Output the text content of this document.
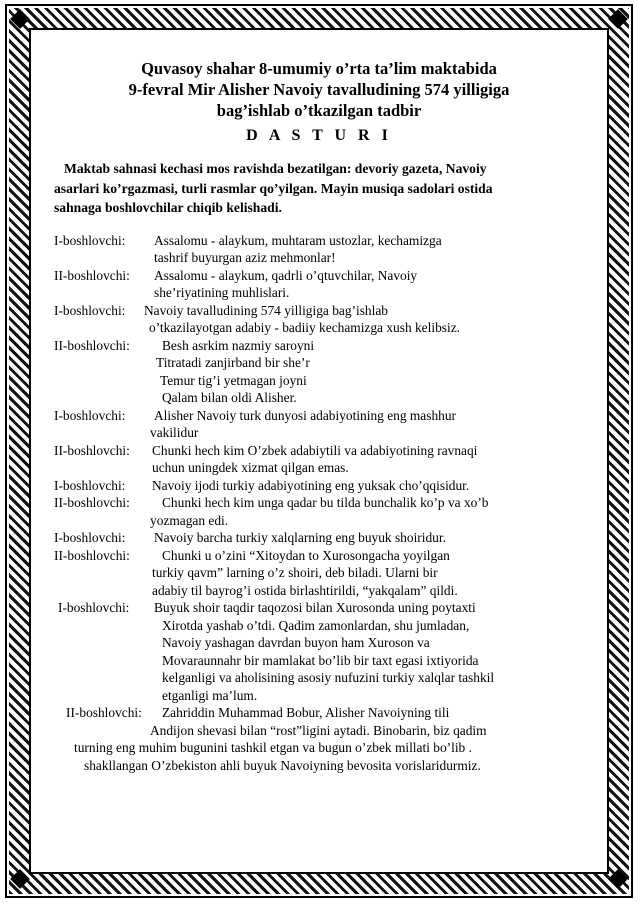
Quvasoy shahar 8-umumiy o’rta ta’lim maktabida
9-fevral Mir Alisher Navoiy tavalludining 574 yilligiga
bag’ishlab o’tkazilgan tadbir
D A S T U R I
Maktab sahnasi kechasi mos ravishda bezatilgan: devoriy gazeta, Navoiy
asarlari ko’rgazmasi, turli rasmlar qo’yilgan. Mayin musiqa sadolari ostida
sahnaga boshlovchilar chiqib kelishadi.
I-boshlovchi: Assalomu - alaykum, muhtaram ustozlar, kechamizga
tashrif buyurgan aziz mehmonlar!
II-boshlovchi: Assalomu - alaykum, qadrli o’qtuvchilar, Navoiy
she’riyatining muhlislari.
I-boshlovchi: Navoiy tavalludining 574 yilligiga bag’ishlab
o’tkazilayotgan adabiy - badiiy kechamizga xush kelibsiz.
II-boshlovchi: Besh asrkim nazmiy saroyni
Titratadi zanjirband bir she’r
Temur tig’i yetmagan joyni
Qalam bilan oldi Alisher.
I-boshlovchi: Alisher Navoiy turk dunyosi adabiyotining eng mashhur
vakilidur
II-boshlovchi: Chunki hech kim O’zbek adabiytili va adabiyotining ravnaqi
uchun uningdek xizmat qilgan emas.
I-boshlovchi: Navoiy ijodi turkiy adabiyotining eng yuksak cho’qqisidur.
II-boshlovchi: Chunki hech kim unga qadar bu tilda bunchalik ko’p va xo’b
yozmagan edi.
I-boshlovchi: Navoiy barcha turkiy xalqlarning eng buyuk shoiridur.
II-boshlovchi: Chunki u o’zini “Xitoydan to Xurosongacha yoyilgan
turkiy qavm” larning o’z shoiri, deb biladi. Ularni bir
adabiy til bayrog’i ostida birlashtirildi, “yakqalam” qildi.
I-boshlovchi: Buyuk shoir taqdir taqozosi bilan Xurosonda uning poytaxti
Xirotda yashab o’tdi. Qadim zamonlardan, shu jumladan,
Navoiy yashagan davrdan buyon ham Xuroson va
Movaraunnahr bir mamlakat bo’lib bir taxt egasi ixtiyorida
kelganligi va aholisining asosiy nufuzini turkiy xalqlar tashkil
etganligi ma’lum.
II-boshlovchi: Zahriddin Muhammad Bobur, Alisher Navoiyning tili
Andijon shevasi bilan “rost”ligini aytadi. Binobarin, biz qadim
turning eng muhim bugunini tashkil etgan va bugun o’zbek millati bo’lib .
shakllangan O’zbekiston ahli buyuk Navoiyning bevosita vorislaridurmiz.
